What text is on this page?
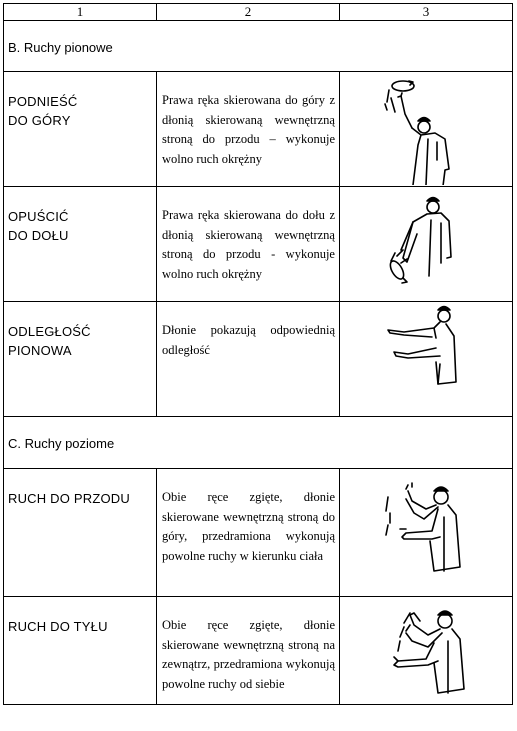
1	2	3

B. Ruchy pionowe		

PODNIEŚĆ
DO GÓRY	Prawa ręka skierowana do góry z dłonią skierowaną wewnętrzną stroną do przodu – wykonuje wolno ruch okrężny

OPUŚCIĆ
DO DOŁU	Prawa ręka skierowana do dołu z dłonią skierowaną wewnętrzną stroną do przodu - wykonuje wolno ruch okrężny

ODLEGŁOŚĆ
PIONOWA	Dłonie pokazują odpowiednią odległość

C. Ruchy poziome		

RUCH DO PRZODU	Obie ręce zgięte, dłonie skierowane wewnętrzną stroną do góry, przedramiona wykonują powolne ruchy w kierunku ciała

RUCH DO TYŁU	Obie ręce zgięte, dłonie skierowane wewnętrzną stroną na zewnątrz, przedramiona wykonują powolne ruchy od siebie
